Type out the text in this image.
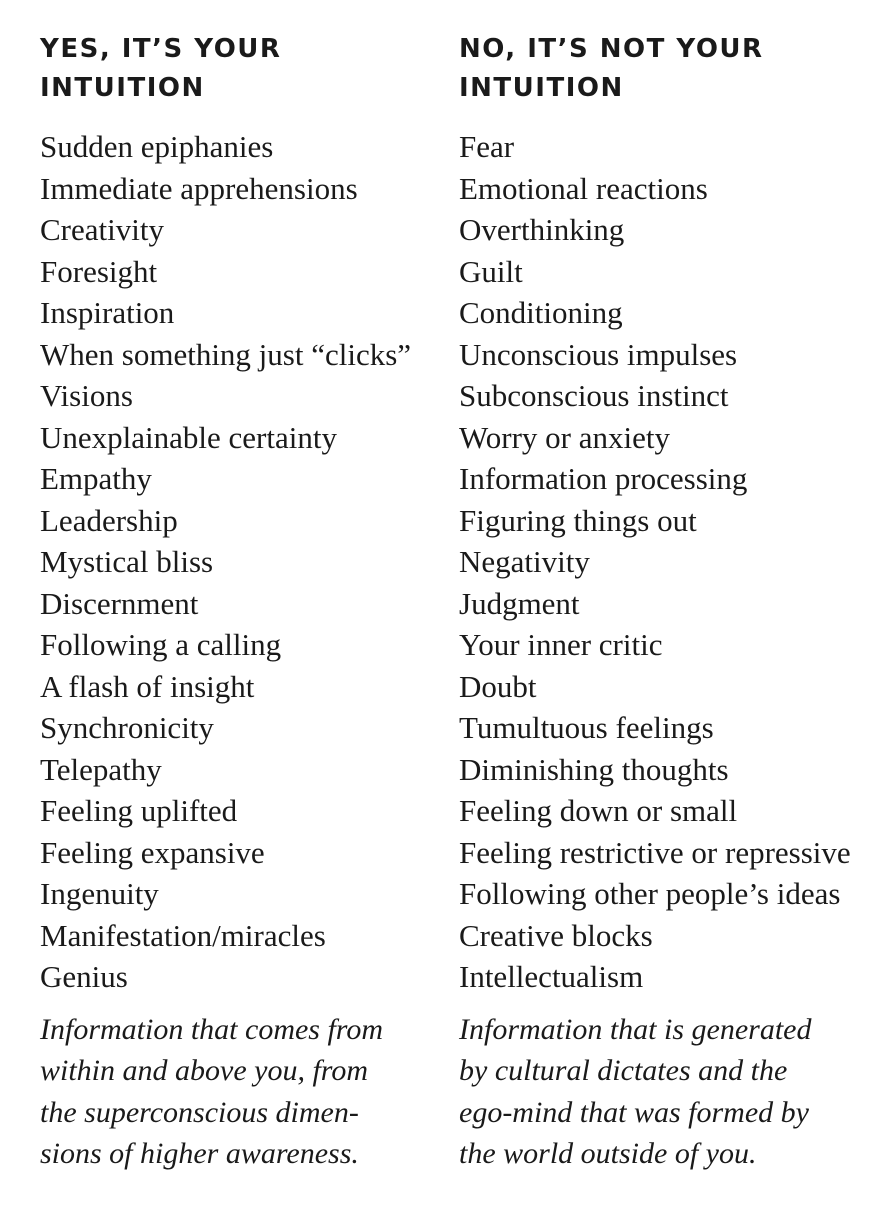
YES, IT’S YOUR
INTUITION
Sudden epiphanies
Immediate apprehensions
Creativity
Foresight
Inspiration
When something just “clicks”
Visions
Unexplainable certainty
Empathy
Leadership
Mystical bliss
Discernment
Following a calling
A flash of insight
Synchronicity
Telepathy
Feeling uplifted
Feeling expansive
Ingenuity
Manifestation/miracles
Genius

Information that comes from
within and above you, from
the superconscious dimen-
sions of higher awareness.

NO, IT’S NOT YOUR
INTUITION
Fear
Emotional reactions
Overthinking
Guilt
Conditioning
Unconscious impulses
Subconscious instinct
Worry or anxiety
Information processing
Figuring things out
Negativity
Judgment
Your inner critic
Doubt
Tumultuous feelings
Diminishing thoughts
Feeling down or small
Feeling restrictive or repressive
Following other people’s ideas
Creative blocks
Intellectualism

Information that is generated
by cultural dictates and the
ego-mind that was formed by
the world outside of you.
